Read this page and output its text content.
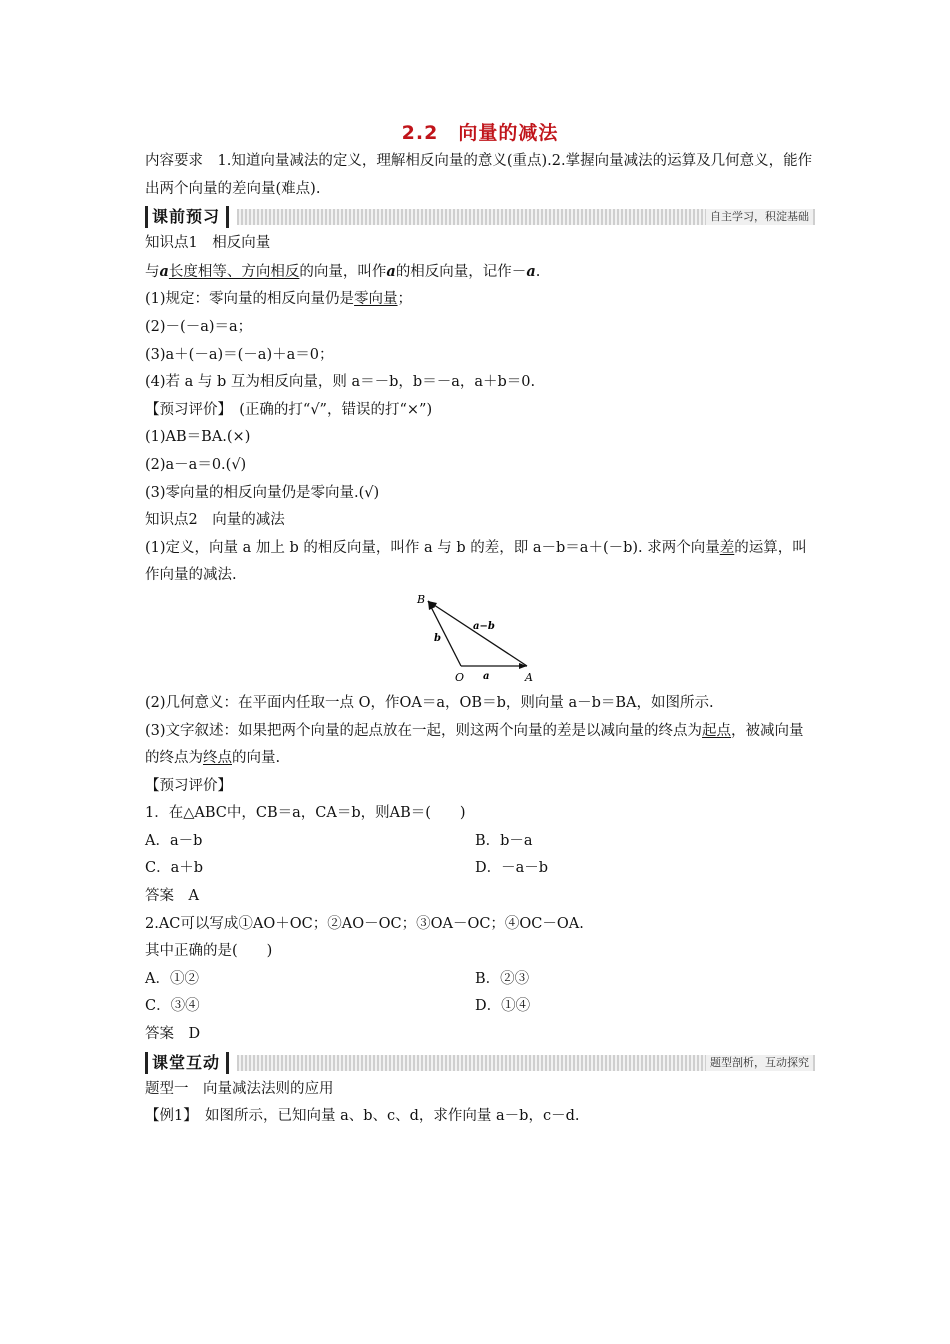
2.2　向量的减法
内容要求　1.知道向量减法的定义，理解相反向量的意义(重点).2.掌握向量减法的运算及几何意义，能作出两个向量的差向量(难点).
课前预习	自主学习，积淀基础
知识点1　相反向量
与a长度相等、方向相反的向量，叫作a的相反向量，记作－a.
(1)规定：零向量的相反向量仍是零向量；
(2)－(－a)＝a；
(3)a＋(－a)＝(－a)＋a＝0；
(4)若 a 与 b 互为相反向量，则 a＝－b，b＝－a，a＋b＝0.
【预习评价】　(正确的打“√”，错误的打“×”)
(1)AB＝BA.(×)
(2)a－a＝0.(√)
(3)零向量的相反向量仍是零向量.(√)
知识点2　向量的减法
(1)定义，向量 a 加上 b 的相反向量，叫作 a 与 b 的差，即 a－b＝a＋(－b). 求两个向量差的运算，叫作向量的减法.
B
O	A
a−b
b
a
(2)几何意义：在平面内任取一点 O，作OA＝a，OB＝b，则向量 a－b＝BA，如图所示.
(3)文字叙述：如果把两个向量的起点放在一起，则这两个向量的差是以减向量的终点为起点，被减向量的终点为终点的向量.
【预习评价】
1．在△ABC中，CB＝a，CA＝b，则AB＝(　　)
A．a－b	B．b－a
C．a＋b	D．－a－b
答案　A
2.AC可以写成①AO＋OC；②AO－OC；③OA－OC；④OC－OA.
其中正确的是(　　)
A．①②	B．②③
C．③④	D．①④
答案　D
课堂互动	题型剖析，互动探究
题型一　向量减法法则的应用
【例1】　如图所示，已知向量 a、b、c、d，求作向量 a－b，c－d.
